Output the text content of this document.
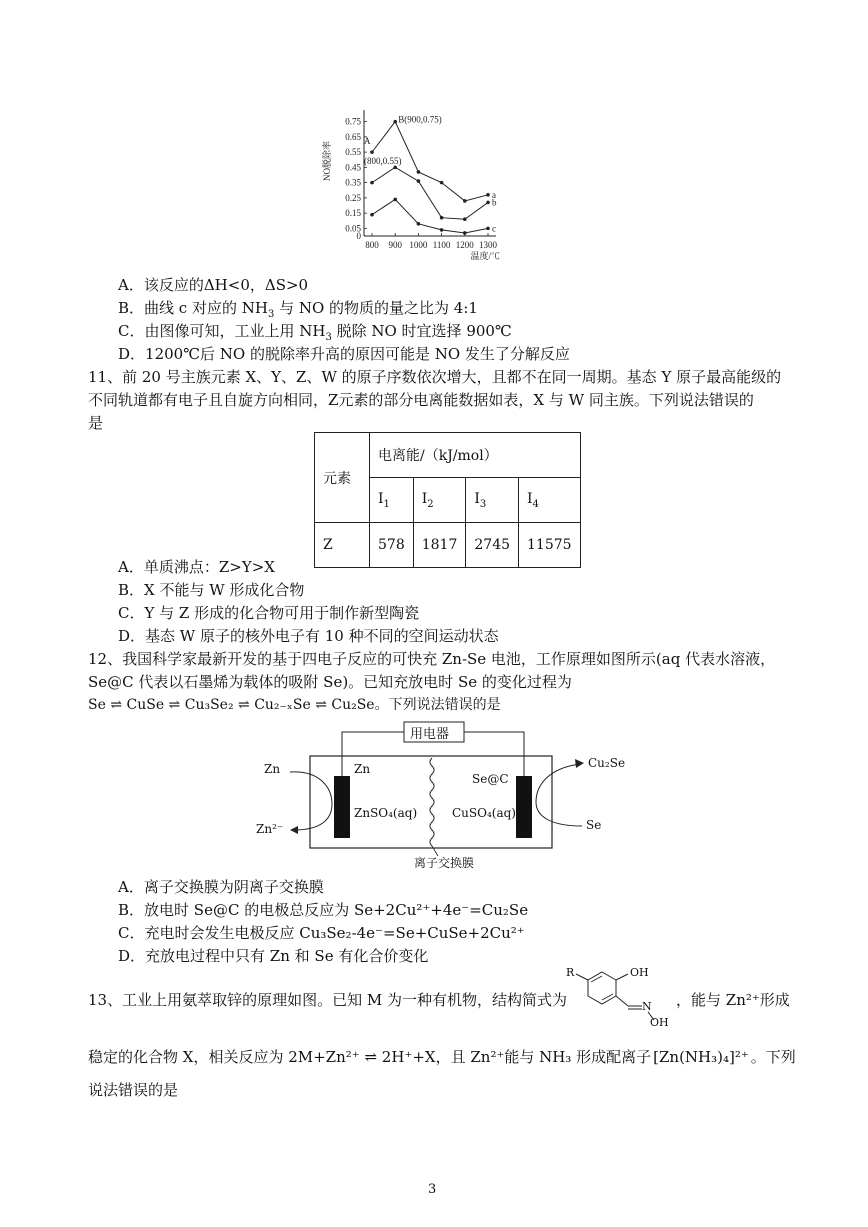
0
0.05
0.15
0.25
0.35
0.45
0.55
0.65
0.75
800 900 1000 1100 1200 1300
温度/℃
NO脱除率
a
b
c
A
(800,0.55)
B(900,0.75)
A．该反应的ΔH<0，ΔS>0
B．曲线 c 对应的 $NH_3$ 与 NO 的物质的量之比为 4:1
C．由图像可知，工业上用 $NH_3$ 脱除 NO 时宜选择 900℃
D．1200℃后 NO 的脱除率升高的原因可能是 NO 发生了分解反应
11、前 20 号主族元素 X、Y、Z、W 的原子序数依次增大，且都不在同一周期。基态 Y 原子最高能级的
不同轨道都有电子且自旋方向相同，Z元素的部分电离能数据如表，X 与 W 同主族。下列说法错误的
是
元素	电离能/（kJ/mol）			
	$I_1$	$I_2$	$I_3$	$I_4$
Z	578	1817	2745	11575
A．单质沸点：Z>Y>X
B．X 不能与 W 形成化合物
C．Y 与 Z 形成的化合物可用于制作新型陶瓷
D．基态 W 原子的核外电子有 10 种不同的空间运动状态
12、我国科学家最新开发的基于四电子反应的可快充 Zn-Se 电池，工作原理如图所示(aq 代表水溶液，
Se@C 代表以石墨烯为载体的吸附 Se)。已知充放电时 Se 的变化过程为
Se ⇌ CuSe ⇌ Cu₃Se₂ ⇌ Cu₂₋ₓSe ⇌ Cu₂Se。下列说法错误的是
用电器
Zn
Zn²⁻
Zn
ZnSO₄(aq)
Se@C
CuSO₄(aq)
Cu₂Se
Se
离子交换膜
A．离子交换膜为阴离子交换膜
B．放电时 Se@C 的电极总反应为 Se+2Cu²⁺+4e⁻=Cu₂Se
C．充电时会发生电极反应 Cu₃Se₂-4e⁻=Se+CuSe+2Cu²⁺
D．充放电过程中只有 Zn 和 Se 有化合价变化
13、工业上用氨萃取锌的原理如图。已知 M 为一种有机物，结构简式为
R	OH
N
OH
，能与 Zn²⁺形成
稳定的化合物 X，相关反应为 2M+Zn²⁺ ⇌ 2H⁺+X，且 Zn²⁺能与 NH₃ 形成配离子 [Zn(NH₃)₄]²⁺ 。下列
说法错误的是
3
